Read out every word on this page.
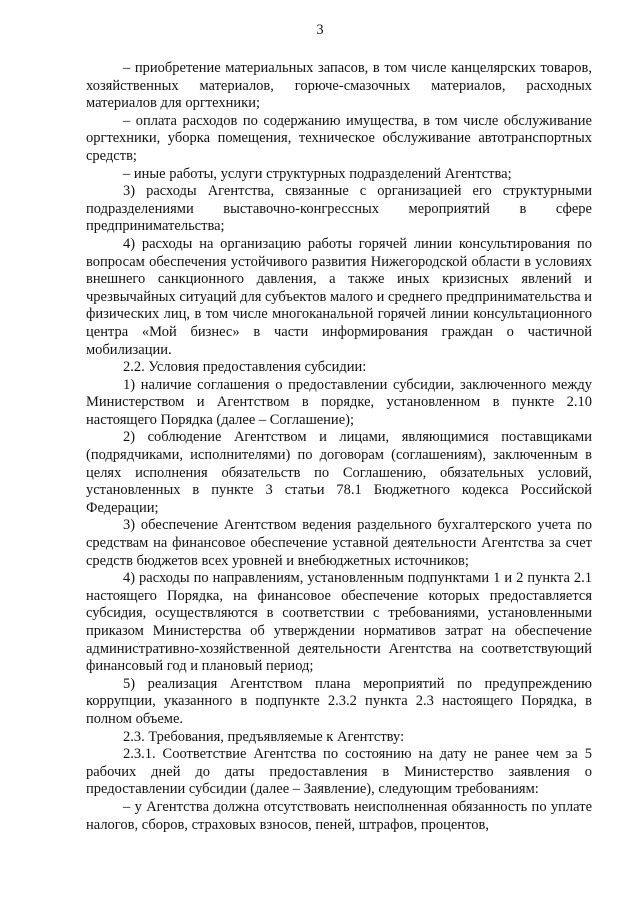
3

– приобретение материальных запасов, в том числе канцелярских товаров, хозяйственных материалов, горюче-смазочных материалов, расходных материалов для оргтехники;

– оплата расходов по содержанию имущества, в том числе обслуживание оргтехники, уборка помещения, техническое обслуживание автотранспортных средств;

– иные работы, услуги структурных подразделений Агентства;

3) расходы Агентства, связанные с организацией его структурными подразделениями выставочно-конгрессных мероприятий в сфере предпринимательства;

4) расходы на организацию работы горячей линии консультирования по вопросам обеспечения устойчивого развития Нижегородской области в условиях внешнего санкционного давления, а также иных кризисных явлений и чрезвычайных ситуаций для субъектов малого и среднего предпринимательства и физических лиц, в том числе многоканальной горячей линии консультационного центра «Мой бизнес» в части информирования граждан о частичной мобилизации.

2.2. Условия предоставления субсидии:

1) наличие соглашения о предоставлении субсидии, заключенного между Министерством и Агентством в порядке, установленном в пункте 2.10 настоящего Порядка (далее – Соглашение);

2) соблюдение Агентством и лицами, являющимися поставщиками (подрядчиками, исполнителями) по договорам (соглашениям), заключенным в целях исполнения обязательств по Соглашению, обязательных условий, установленных в пункте 3 статьи 78.1 Бюджетного кодекса Российской Федерации;

3) обеспечение Агентством ведения раздельного бухгалтерского учета по средствам на финансовое обеспечение уставной деятельности Агентства за счет средств бюджетов всех уровней и внебюджетных источников;

4) расходы по направлениям, установленным подпунктами 1 и 2 пункта 2.1 настоящего Порядка, на финансовое обеспечение которых предоставляется субсидия, осуществляются в соответствии с требованиями, установленными приказом Министерства об утверждении нормативов затрат на обеспечение административно-хозяйственной деятельности Агентства на соответствующий финансовый год и плановый период;

5) реализация Агентством плана мероприятий по предупреждению коррупции, указанного в подпункте 2.3.2 пункта 2.3 настоящего Порядка, в полном объеме.

2.3. Требования, предъявляемые к Агентству:

2.3.1. Соответствие Агентства по состоянию на дату не ранее чем за 5 рабочих дней до даты предоставления в Министерство заявления о предоставлении субсидии (далее – Заявление), следующим требованиям:

– у Агентства должна отсутствовать неисполненная обязанность по уплате налогов, сборов, страховых взносов, пеней, штрафов, процентов,
